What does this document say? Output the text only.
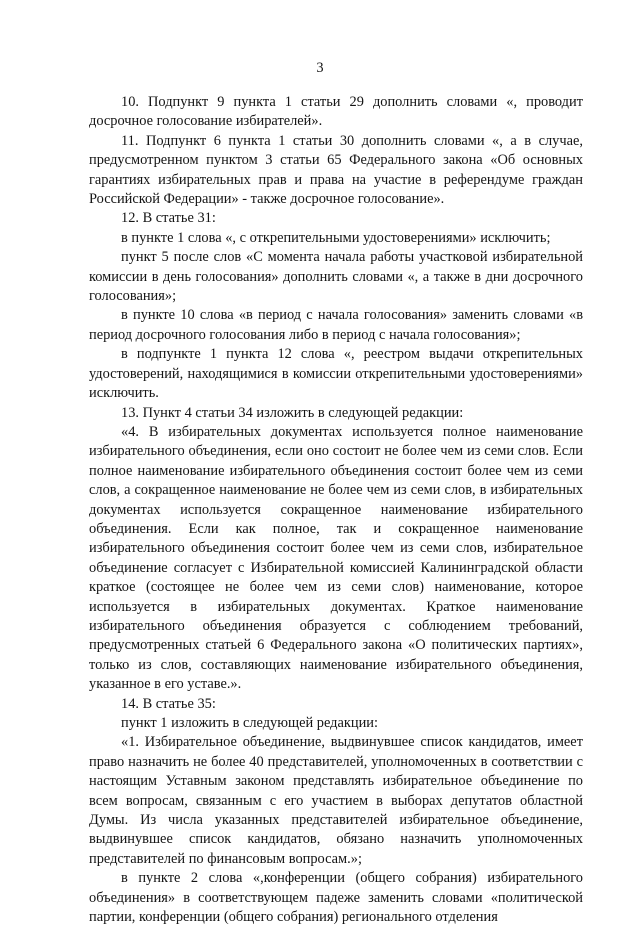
3

10. Подпункт 9 пункта 1 статьи 29 дополнить словами «, проводит досрочное голосование избирателей».

11. Подпункт 6 пункта 1 статьи 30 дополнить словами «, а в случае, предусмотренном пунктом 3 статьи 65 Федерального закона «Об основных гарантиях избирательных прав и права на участие в референдуме граждан Российской Федерации» - также досрочное голосование».

12. В статье 31:

в пункте 1 слова «, с открепительными удостоверениями» исключить;

пункт 5 после слов «С момента начала работы участковой избирательной комиссии в день голосования» дополнить словами «, а также в дни досрочного голосования»;

в пункте 10 слова «в период с начала голосования» заменить словами «в период досрочного голосования либо в период с начала голосования»;

в подпункте 1 пункта 12 слова «, реестром выдачи открепительных удостоверений, находящимися в комиссии открепительными удостоверениями» исключить.

13. Пункт 4 статьи 34 изложить в следующей редакции:

«4. В избирательных документах используется полное наименование избирательного объединения, если оно состоит не более чем из семи слов. Если полное наименование избирательного объединения состоит более чем из семи слов, а сокращенное наименование не более чем из семи слов, в избирательных документах используется сокращенное наименование избирательного объединения. Если как полное, так и сокращенное наименование избирательного объединения состоит более чем из семи слов, избирательное объединение согласует с Избирательной комиссией Калининградской области краткое (состоящее не более чем из семи слов) наименование, которое используется в избирательных документах. Краткое наименование избирательного объединения образуется с соблюдением требований, предусмотренных статьей 6 Федерального закона «О политических партиях», только из слов, составляющих наименование избирательного объединения, указанное в его уставе.».

14. В статье 35:

пункт 1 изложить в следующей редакции:

«1. Избирательное объединение, выдвинувшее список кандидатов, имеет право назначить не более 40 представителей, уполномоченных в соответствии с настоящим Уставным законом представлять избирательное объединение по всем вопросам, связанным с его участием в выборах депутатов областной Думы. Из числа указанных представителей избирательное объединение, выдвинувшее список кандидатов, обязано назначить уполномоченных представителей по финансовым вопросам.»;

в пункте 2 слова «,конференции (общего собрания) избирательного объединения» в соответствующем падеже заменить словами «политической партии, конференции (общего собрания) регионального отделения
